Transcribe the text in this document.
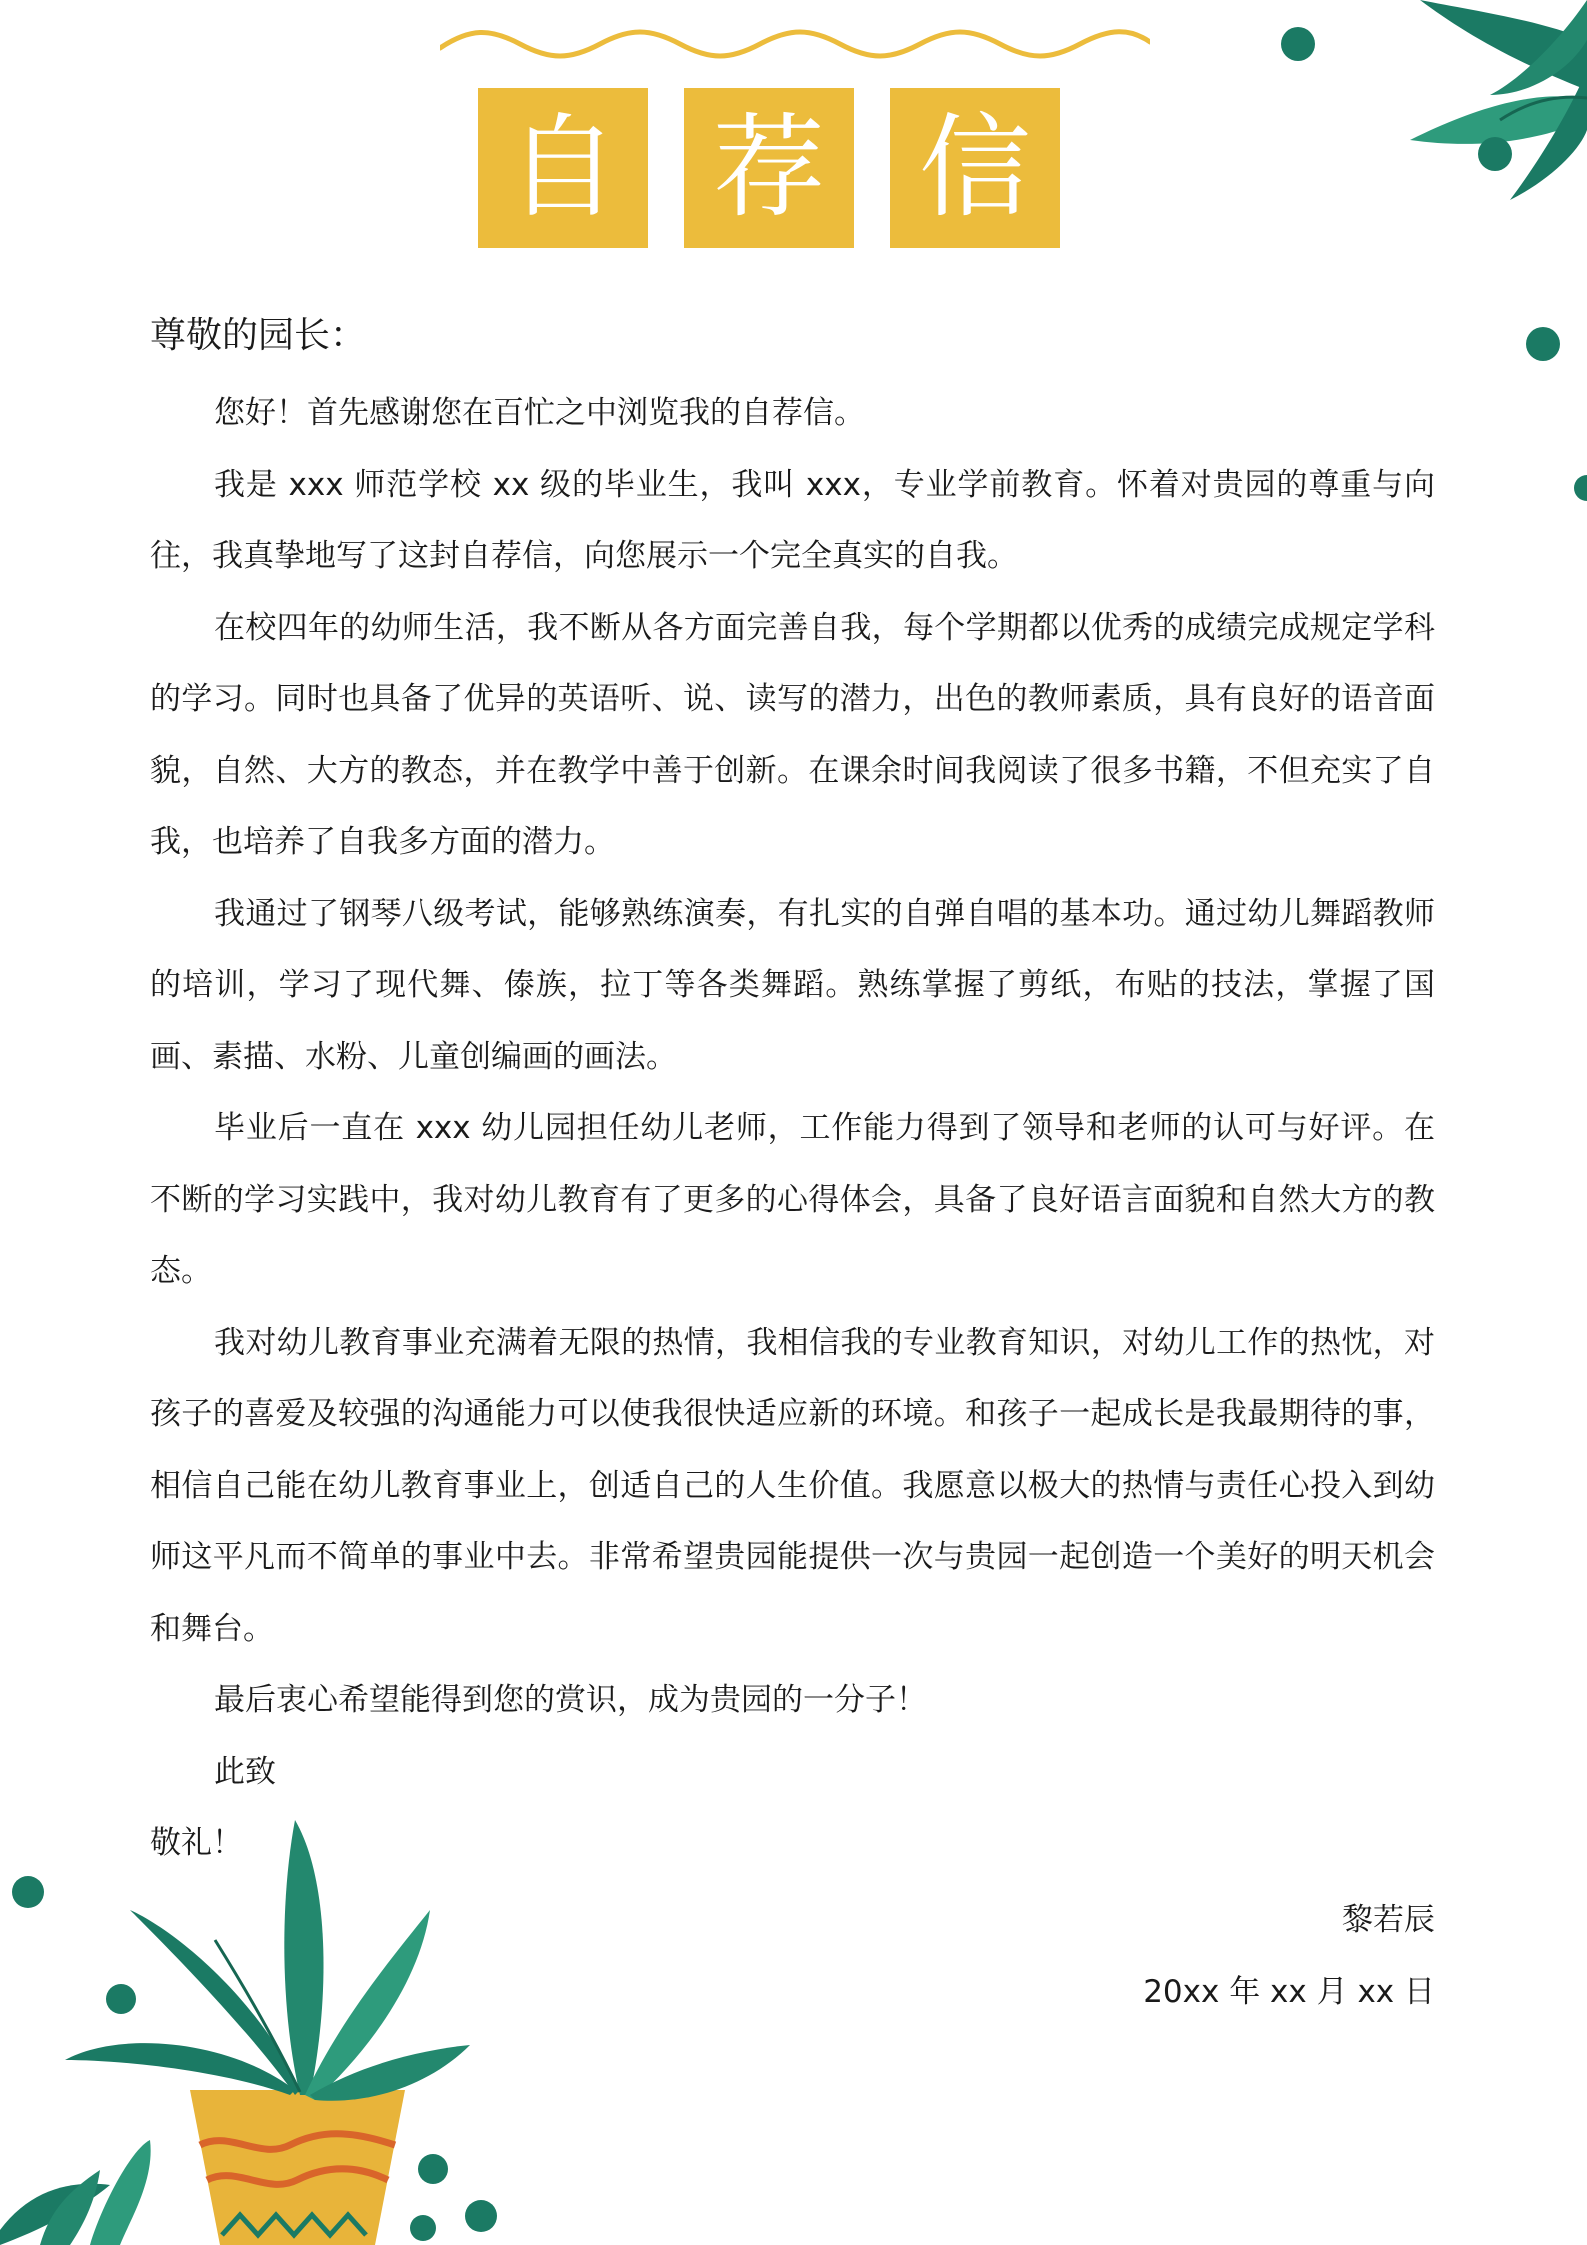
自 荐 信
尊敬的园长：

您好！首先感谢您在百忙之中浏览我的自荐信。

我是 xxx 师范学校 xx 级的毕业生，我叫 xxx，专业学前教育。怀着对贵园的尊重与向往，我真挚地写了这封自荐信，向您展示一个完全真实的自我。

在校四年的幼师生活，我不断从各方面完善自我，每个学期都以优秀的成绩完成规定学科的学习。同时也具备了优异的英语听、说、读写的潜力，出色的教师素质，具有良好的语音面貌，自然、大方的教态，并在教学中善于创新。在课余时间我阅读了很多书籍，不但充实了自我，也培养了自我多方面的潜力。

我通过了钢琴八级考试，能够熟练演奏，有扎实的自弹自唱的基本功。通过幼儿舞蹈教师的培训，学习了现代舞、傣族，拉丁等各类舞蹈。熟练掌握了剪纸，布贴的技法，掌握了国画、素描、水粉、儿童创编画的画法。

毕业后一直在 xxx 幼儿园担任幼儿老师，工作能力得到了领导和老师的认可与好评。在不断的学习实践中，我对幼儿教育有了更多的心得体会，具备了良好语言面貌和自然大方的教态。

我对幼儿教育事业充满着无限的热情，我相信我的专业教育知识，对幼儿工作的热忱，对孩子的喜爱及较强的沟通能力可以使我很快适应新的环境。和孩子一起成长是我最期待的事，相信自己能在幼儿教育事业上，创适自己的人生价值。我愿意以极大的热情与责任心投入到幼师这平凡而不简单的事业中去。非常希望贵园能提供一次与贵园一起创造一个美好的明天机会和舞台。

最后衷心希望能得到您的赏识，成为贵园的一分子！

此致
敬礼！
黎若辰
20xx 年 xx 月 xx 日
